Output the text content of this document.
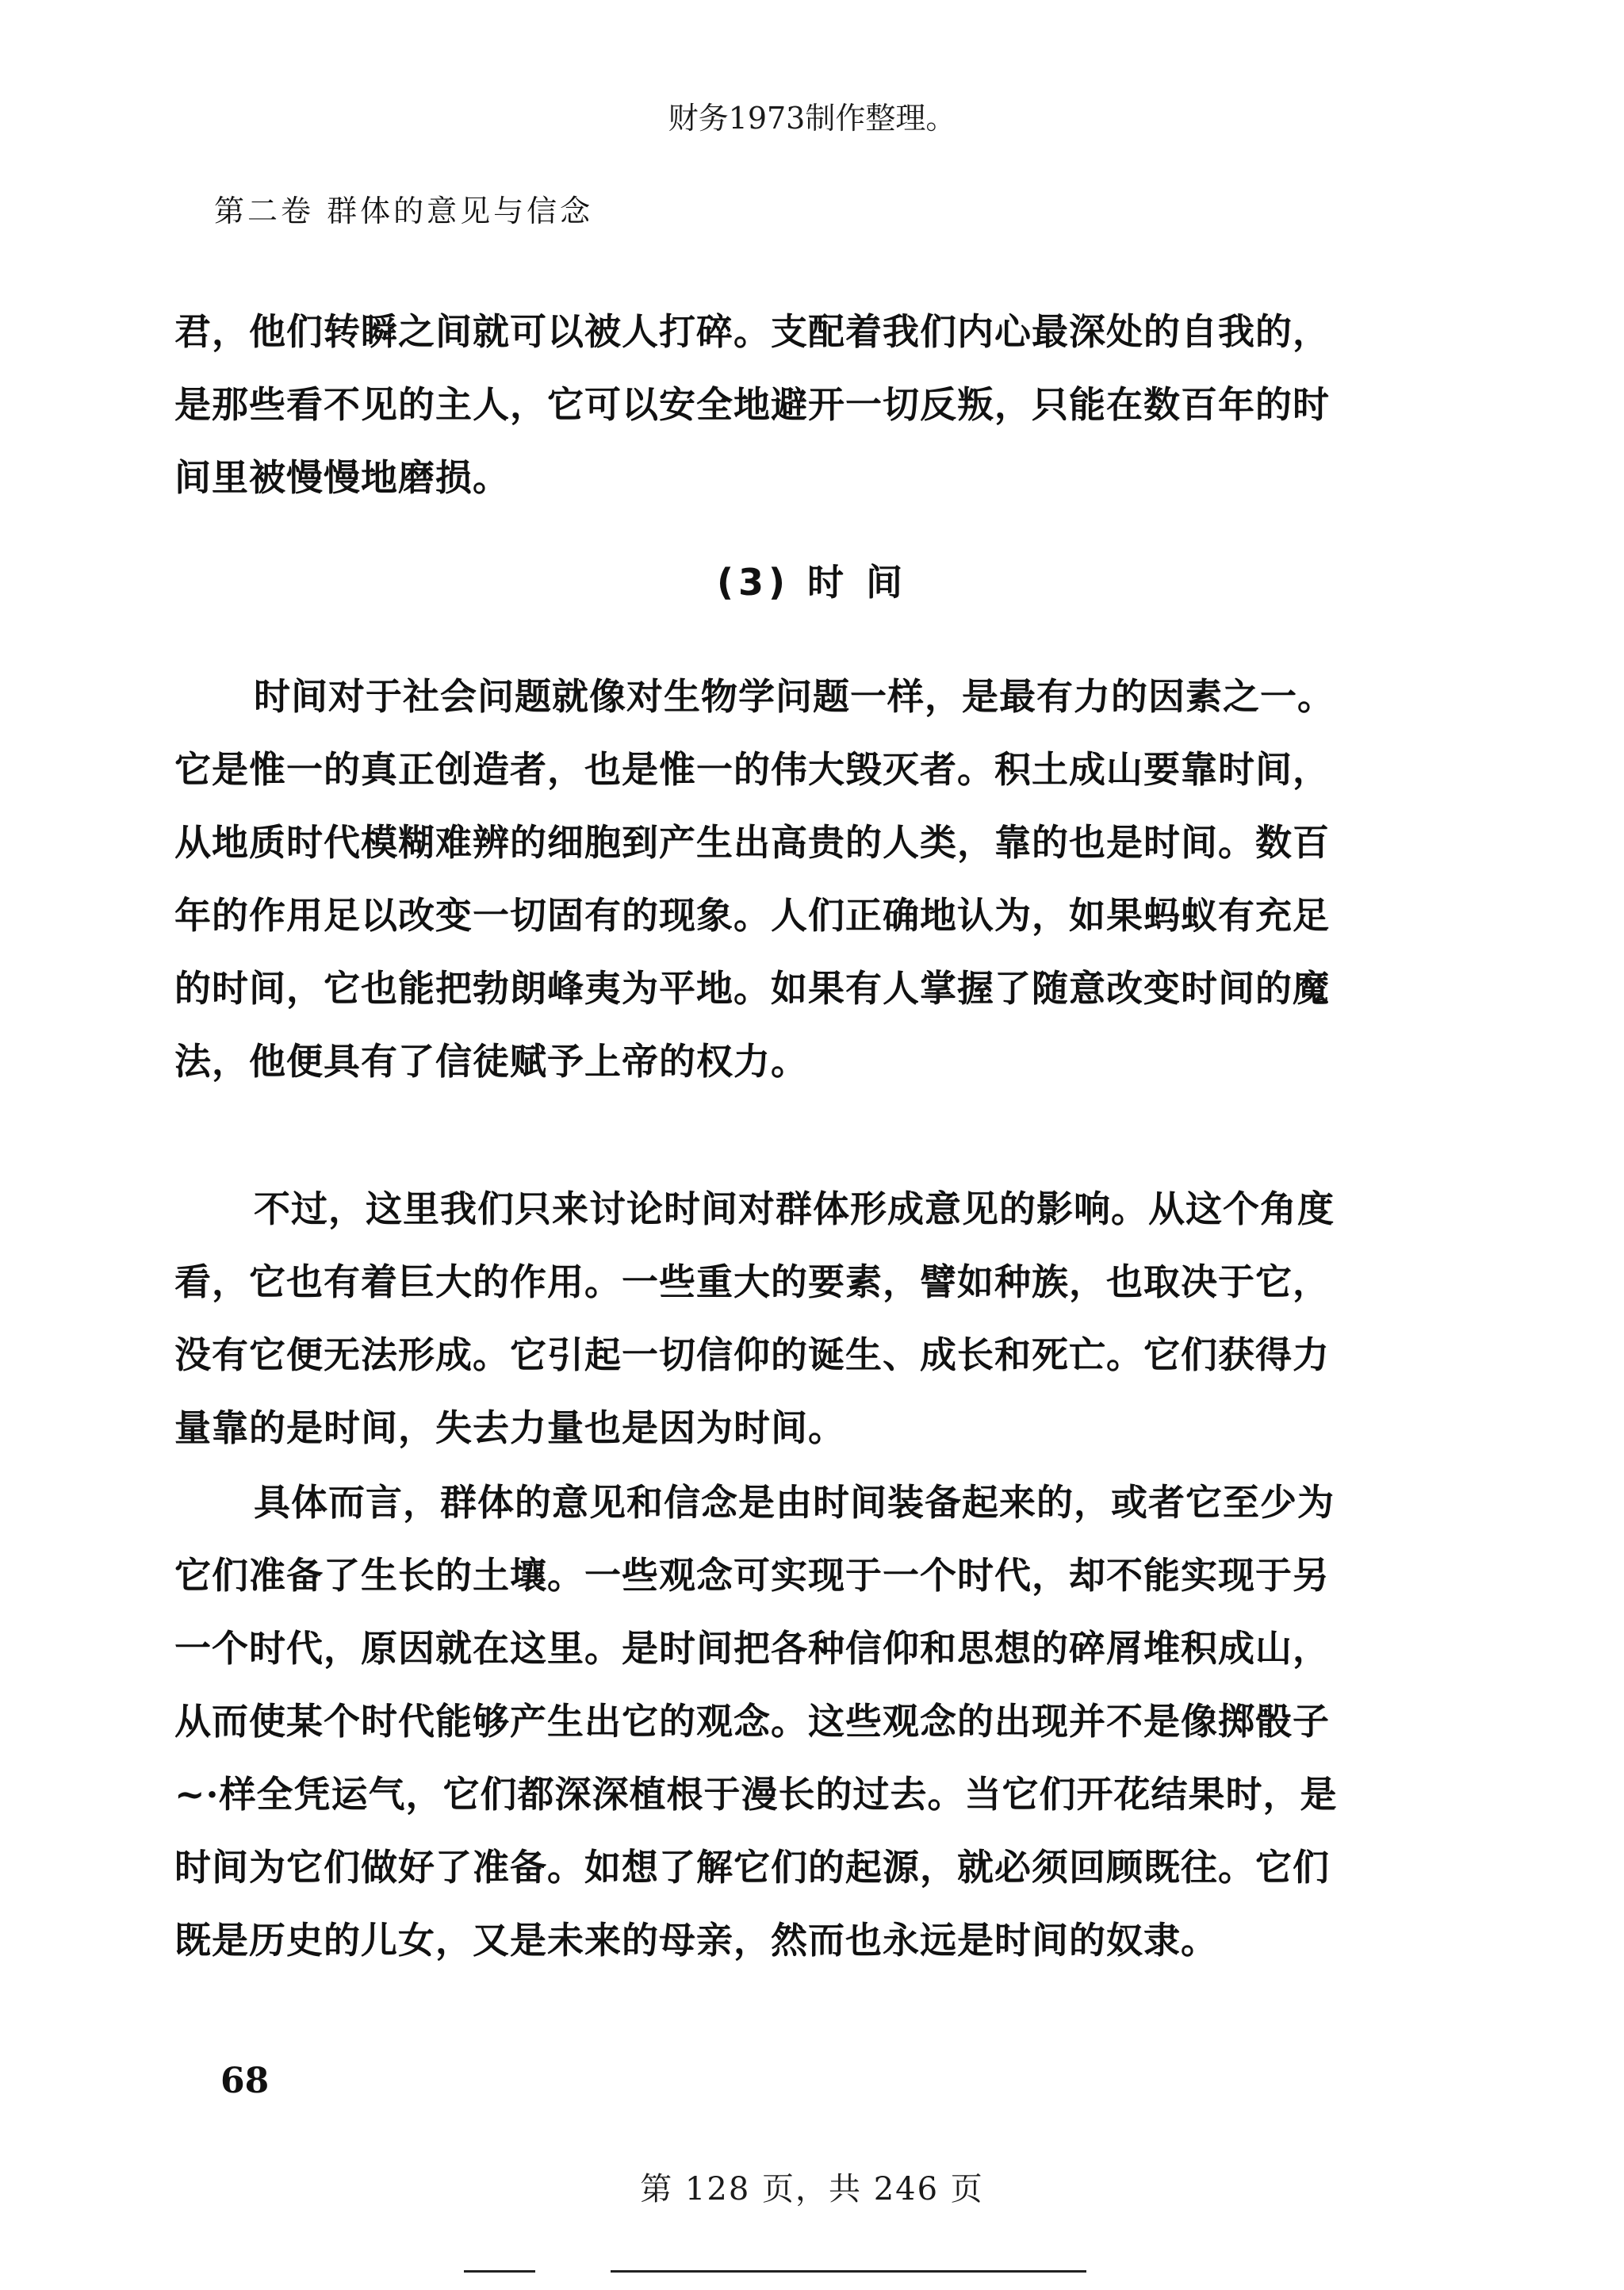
财务1973制作整理。
第二卷 群体的意见与信念

君，他们转瞬之间就可以被人打碎。支配着我们内心最深处的自我的，是那些看不见的主人，它可以安全地避开一切反叛，只能在数百年的时间里被慢慢地磨损。

(3) 时 间

时间对于社会问题就像对生物学问题一样，是最有力的因素之一。它是惟一的真正创造者，也是惟一的伟大毁灭者。积土成山要靠时间，从地质时代模糊难辨的细胞到产生出高贵的人类，靠的也是时间。数百年的作用足以改变一切固有的现象。人们正确地认为，如果蚂蚁有充足的时间，它也能把勃朗峰夷为平地。如果有人掌握了随意改变时间的魔法，他便具有了信徒赋予上帝的权力。

不过，这里我们只来讨论时间对群体形成意见的影响。从这个角度看，它也有着巨大的作用。一些重大的要素，譬如种族，也取决于它，没有它便无法形成。它引起一切信仰的诞生、成长和死亡。它们获得力量靠的是时间，失去力量也是因为时间。

具体而言，群体的意见和信念是由时间装备起来的，或者它至少为它们准备了生长的土壤。一些观念可实现于一个时代，却不能实现于另一个时代，原因就在这里。是时间把各种信仰和思想的碎屑堆积成山，从而使某个时代能够产生出它的观念。这些观念的出现并不是像掷骰子~·样全凭运气，它们都深深植根于漫长的过去。当它们开花结果时，是时间为它们做好了准备。如想了解它们的起源，就必须回顾既往。它们既是历史的儿女，又是未来的母亲，然而也永远是时间的奴隶。

68
第 128 页，共 246 页
